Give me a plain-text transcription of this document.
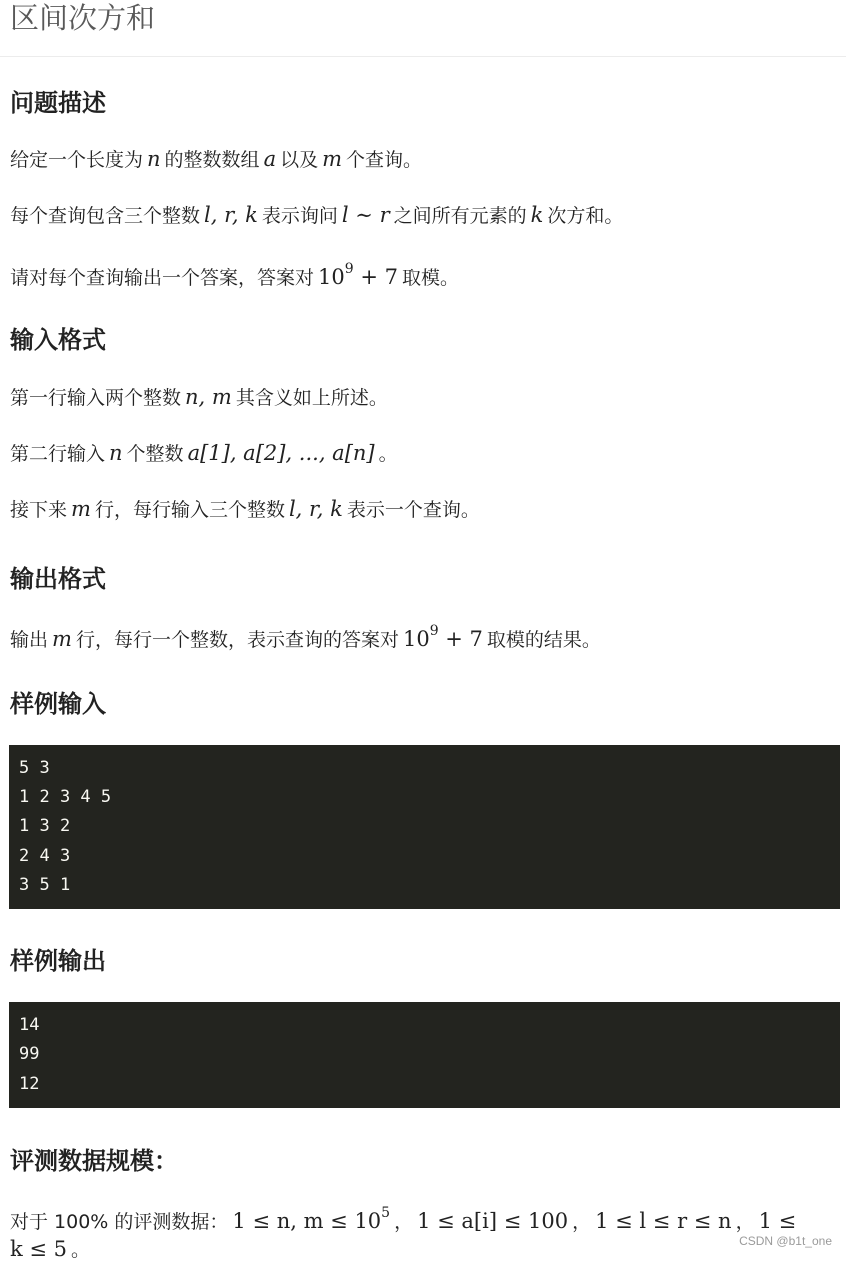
区间次方和
问题描述

给定一个长度为 n 的整数数组 a 以及 m 个查询。

每个查询包含三个整数 l, r, k 表示询问 l ∼ r 之间所有元素的 k 次方和。

请对每个查询输出一个答案，答案对 $10^9 + 7$ 取模。

输入格式

第一行输入两个整数 n, m 其含义如上所述。

第二行输入 n 个整数 a[1], a[2], ..., a[n] 。

接下来 m 行，每行输入三个整数 l, r, k 表示一个查询。

输出格式

输出 m 行，每行一个整数，表示查询的答案对 $10^9 + 7$ 取模的结果。

样例输入
5 3
1 2 3 4 5
1 3 2
2 4 3
3 5 1
样例输出
14
99
12
评测数据规模：

对于 100% 的评测数据： 1 ≤ n, $m \le 10^5$ ， 1 ≤ a[i] ≤ 100 ， 1 ≤ l ≤ r ≤ n ， 1 ≤

k ≤ 5 。	CSDN @b1t_one
